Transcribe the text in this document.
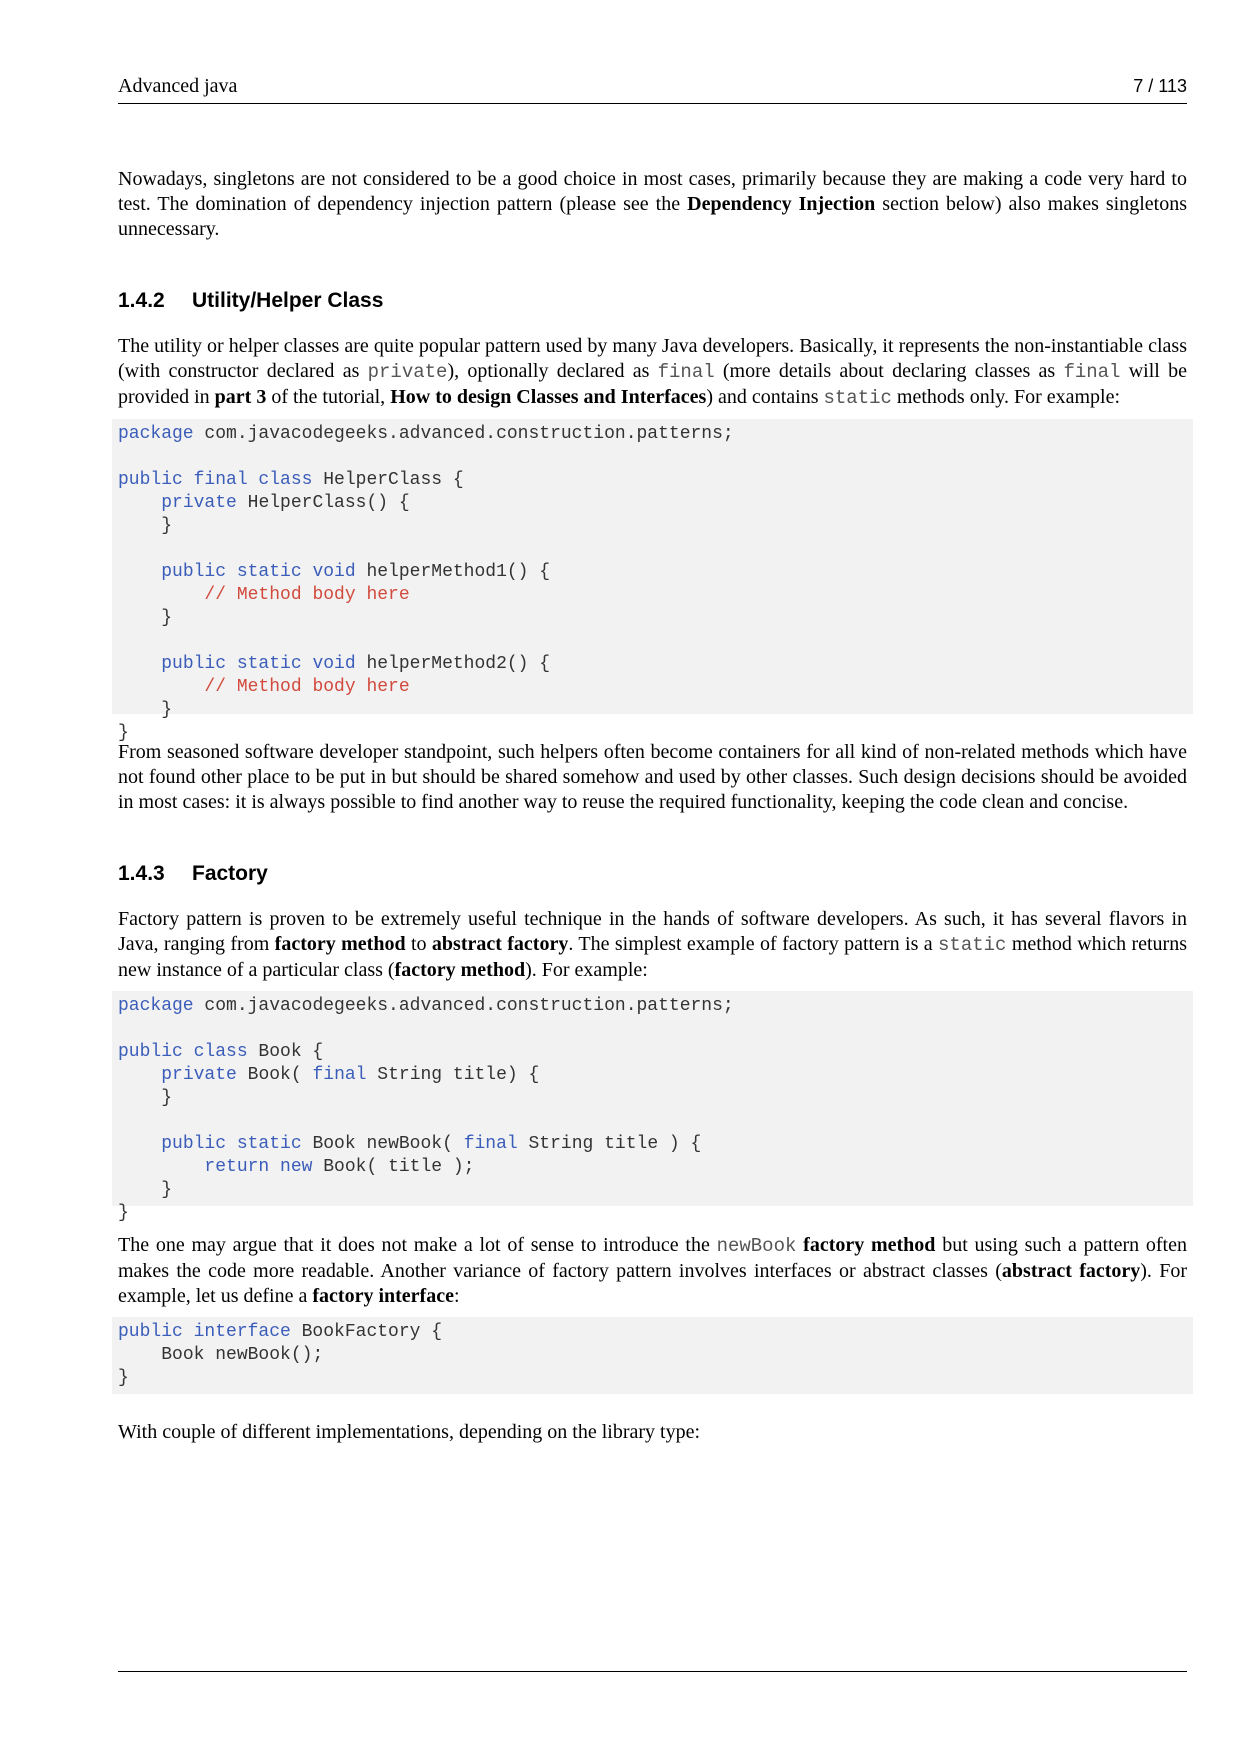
Advanced java	7 / 113

Nowadays, singletons are not considered to be a good choice in most cases, primarily because they are making a code very hard to test. The domination of dependency injection pattern (please see the Dependency Injection section below) also makes singletons unnecessary.

1.4.2 Utility/Helper Class

The utility or helper classes are quite popular pattern used by many Java developers. Basically, it represents the non-instantiable class (with constructor declared as private), optionally declared as final (more details about declaring classes as final will be provided in part 3 of the tutorial, How to design Classes and Interfaces) and contains static methods only. For example:

package com.javacodegeeks.advanced.construction.patterns;
public final class HelperClass {
private HelperClass() {
}
public static void helperMethod1() {
// Method body here
}
public static void helperMethod2() {
// Method body here
}
}

From seasoned software developer standpoint, such helpers often become containers for all kind of non-related methods which have not found other place to be put in but should be shared somehow and used by other classes. Such design decisions should be avoided in most cases: it is always possible to find another way to reuse the required functionality, keeping the code clean and concise.

1.4.3 Factory

Factory pattern is proven to be extremely useful technique in the hands of software developers. As such, it has several flavors in Java, ranging from factory method to abstract factory. The simplest example of factory pattern is a static method which returns new instance of a particular class (factory method). For example:

package com.javacodegeeks.advanced.construction.patterns;
public class Book {
private Book( final String title) {
}
public static Book newBook( final String title ) {
return new Book( title );
}
}

The one may argue that it does not make a lot of sense to introduce the newBook factory method but using such a pattern often makes the code more readable. Another variance of factory pattern involves interfaces or abstract classes (abstract factory). For example, let us define a factory interface:

public interface BookFactory {
Book newBook();
}

With couple of different implementations, depending on the library type:
